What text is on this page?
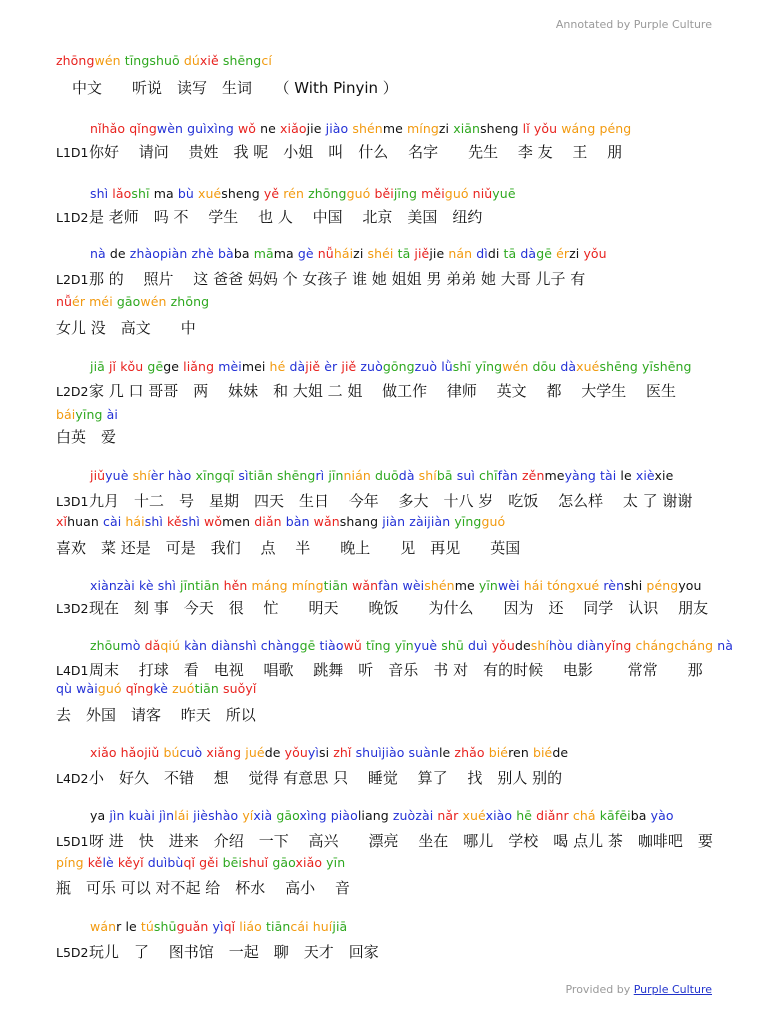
Annotated by Purple Culture
zhōngwén tīngshuō dúxiě shēngcí
中文　　听说　读写　生词　　（ With Pinyin ）
nǐhǎo qǐngwèn guìxìng wǒ ne xiǎojie jiào shénme míngzi xiānsheng lǐ yǒu wáng péng
L1D1你好　 请问　 贵姓　我 呢　小姐　叫　什么　 名字　　先生　 李 友　 王　 朋
shì lǎoshī ma bù xuésheng yě rén zhōngguó běijīng měiguó niǔyuē
L1D2是 老师　吗 不　 学生　 也 人　 中国　 北京　美国　纽约
nà de zhàopiàn zhè bàba māma gè nǚháizi shéi tā jiějie nán dìdi tā dàgē érzi yǒu
L2D1那 的　 照片　 这 爸爸 妈妈 个 女孩子 谁 她 姐姐 男 弟弟 她 大哥 儿子 有
nǚér méi gāowén zhōng
女儿 没　高文　　中
jiā jǐ kǒu gēge liǎng mèimei hé dàjiě èr jiě zuògōngzuò lǜshī yīngwén dōu dàxuéshēng yīshēng
L2D2家 几 口 哥哥　两　 妹妹　和 大姐 二 姐　 做工作　 律师　 英文　 都　 大学生　 医生
báiyīng ài
白英　爱
jiǔyuè shíèr hào xīngqī sìtiān shēngrì jīnnián duōdà shíbā suì chīfàn zěnmeyàng tài le xièxie
L3D1九月　十二　号　星期　四天　生日　 今年　 多大　十八 岁　吃饭　 怎么样　 太 了 谢谢
xǐhuan cài háishì kěshì wǒmen diǎn bàn wǎnshang jiàn zàijiàn yīngguó
喜欢　菜 还是　可是　我们　 点　 半　　晚上　　见　再见　　英国
xiànzài kè shì jīntiān hěn máng míngtiān wǎnfàn wèishénme yīnwèi hái tóngxué rènshi péngyou
L3D2现在　刻 事　今天　很　 忙　　明天　　晚饭　　为什么　　因为　还　 同学　认识　 朋友
zhōumò dǎqiú kàn diànshì chànggē tiàowǔ tīng yīnyuè shū duì yǒudeshíhòu diànyǐng chángcháng nà
L4D1周末　 打球　看　电视　 唱歌　 跳舞　听　音乐　书 对　有的时候　 电影　　 常常　　那
qù wàiguó qǐngkè zuótiān suǒyǐ
去　外国　请客　 昨天　所以
xiǎo hǎojiǔ búcuò xiǎng juéde yǒuyìsi zhǐ shuìjiào suànle zhǎo biéren biéde
L4D2小　好久　不错　 想　 觉得 有意思 只　 睡觉　 算了　 找　别人 别的
ya jìn kuài jìnlái jièshào yíxià gāoxìng piàoliang zuòzài nǎr xuéxiào hē diǎnr chá kāfēiba yào
L5D1呀 进　快　进来　介绍　一下　 高兴　　漂亮　 坐在　哪儿　学校　喝 点儿 茶　咖啡吧　要
píng kělè kěyǐ duìbùqǐ gěi bēishuǐ gāoxiǎo yīn
瓶　可乐 可以 对不起 给　杯水　 高小　 音
wánr le túshūguǎn yìqǐ liáo tiāncái huíjiā
L5D2玩儿　了　 图书馆　一起　聊　天才　回家
Provided by Purple Culture
